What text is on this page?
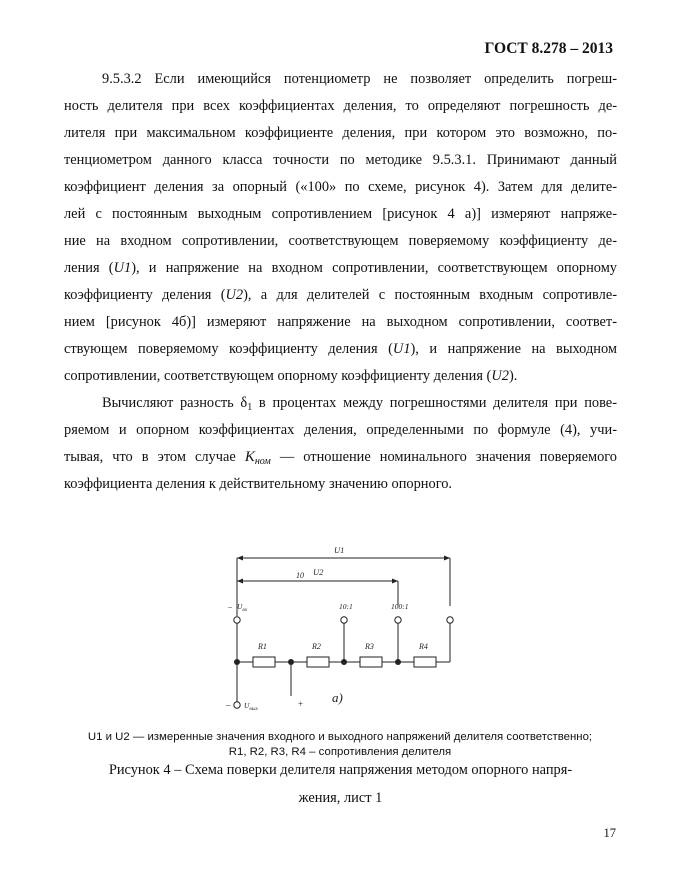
ГОСТ 8.278 – 2013
9.5.3.2 Если имеющийся потенциометр не позволяет определить погреш-
ность делителя при всех коэффициентах деления, то определяют погрешность де-
лителя при максимальном коэффициенте деления, при котором это возможно, по-
тенциометром данного класса точности по методике 9.5.3.1. Принимают данный
коэффициент деления за опорный («100» по схеме, рисунок 4). Затем для делите-
лей с постоянным выходным сопротивлением [рисунок 4 а)] измеряют напряже-
ние на входном сопротивлении, соответствующем поверяемому коэффициенту де-
ления (U1), и напряжение на входном сопротивлении, соответствующем опорному
коэффициенту деления (U2), а для делителей с постоянным входным сопротивле-
нием [рисунок 4б)] измеряют напряжение на выходном сопротивлении, соответ-
ствующем поверяемому коэффициенту деления (U1), и напряжение на выходном
сопротивлении, соответствующем опорному коэффициенту деления (U2).
Вычисляют разность $\delta_1$ в процентах между погрешностями делителя при пове-
ряемом и опорном коэффициентах деления, определенными по формуле (4), учи-
тывая, что в этом случае $K_{ном}$ — отношение номинального значения поверяемого
коэффициента деления к действительному значению опорного.
U1
U2
10
10:1	100:1
– $U_{вх}$
R1	R2	R3	R4
а)
– $U_{вых}$	+
U1 и U2 — измеренные значения входного и выходного напряжений делителя соответственно;
R1, R2, R3, R4 – сопротивления делителя
Рисунок 4 – Схема поверки делителя напряжения методом опорного напря-
жения, лист 1
17
